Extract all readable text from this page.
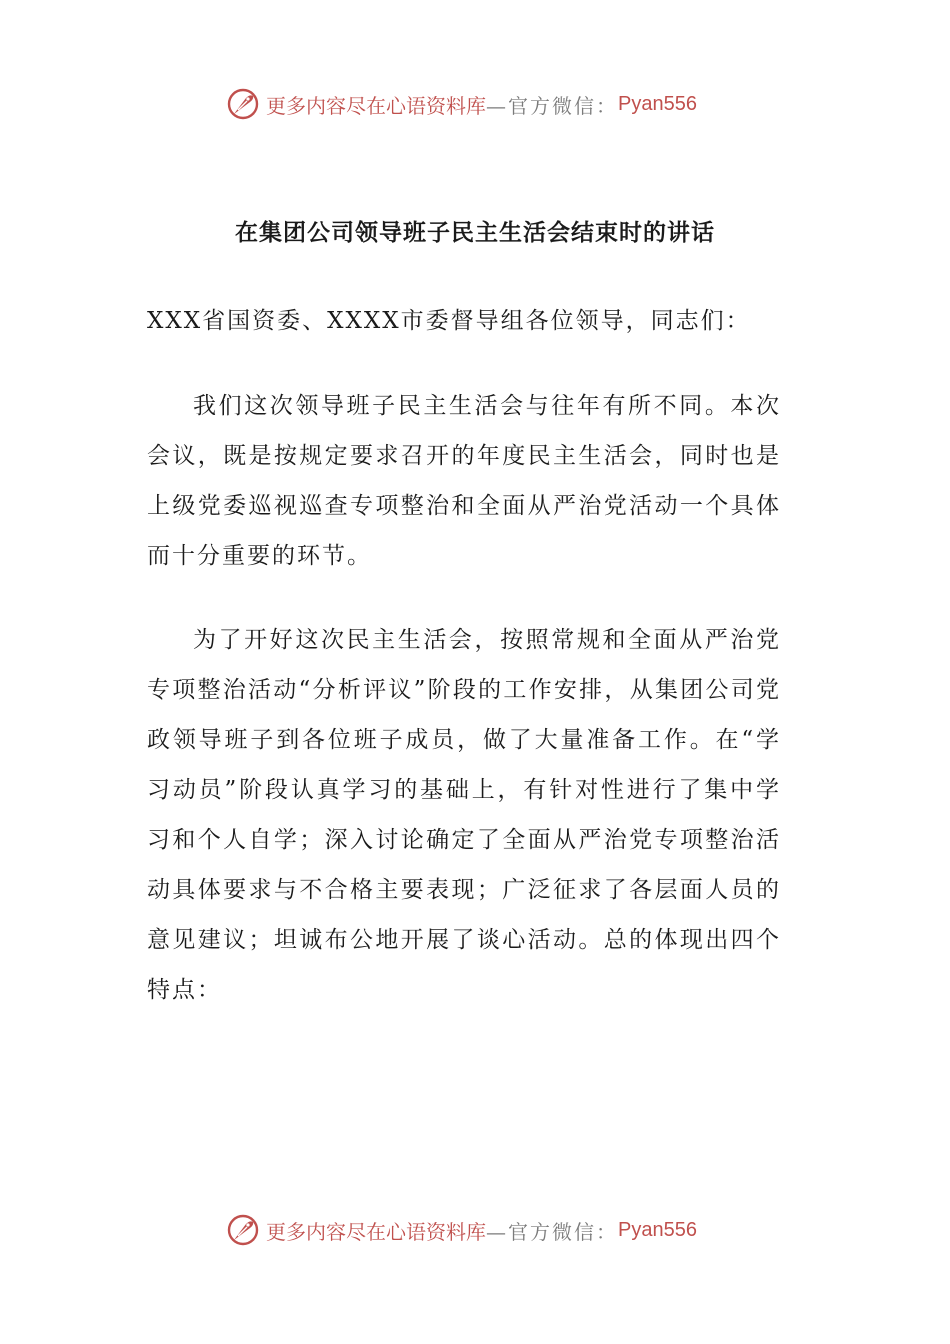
更多内容尽在心语资料库 —官方微信： Pyan556
在集团公司领导班子民主生活会结束时的讲话

XXX省国资委、XXXX市委督导组各位领导，同志们：

我们这次领导班子民主生活会与往年有所不同。本次会议，既是按规定要求召开的年度民主生活会，同时也是上级党委巡视巡查专项整治和全面从严治党活动一个具体而十分重要的环节。

为了开好这次民主生活会，按照常规和全面从严治党专项整治活动“分析评议”阶段的工作安排，从集团公司党政领导班子到各位班子成员，做了大量准备工作。在“学习动员”阶段认真学习的基础上，有针对性进行了集中学习和个人自学；深入讨论确定了全面从严治党专项整治活动具体要求与不合格主要表现；广泛征求了各层面人员的意见建议；坦诚布公地开展了谈心活动。总的体现出四个特点：

更多内容尽在心语资料库 —官方微信： Pyan556
